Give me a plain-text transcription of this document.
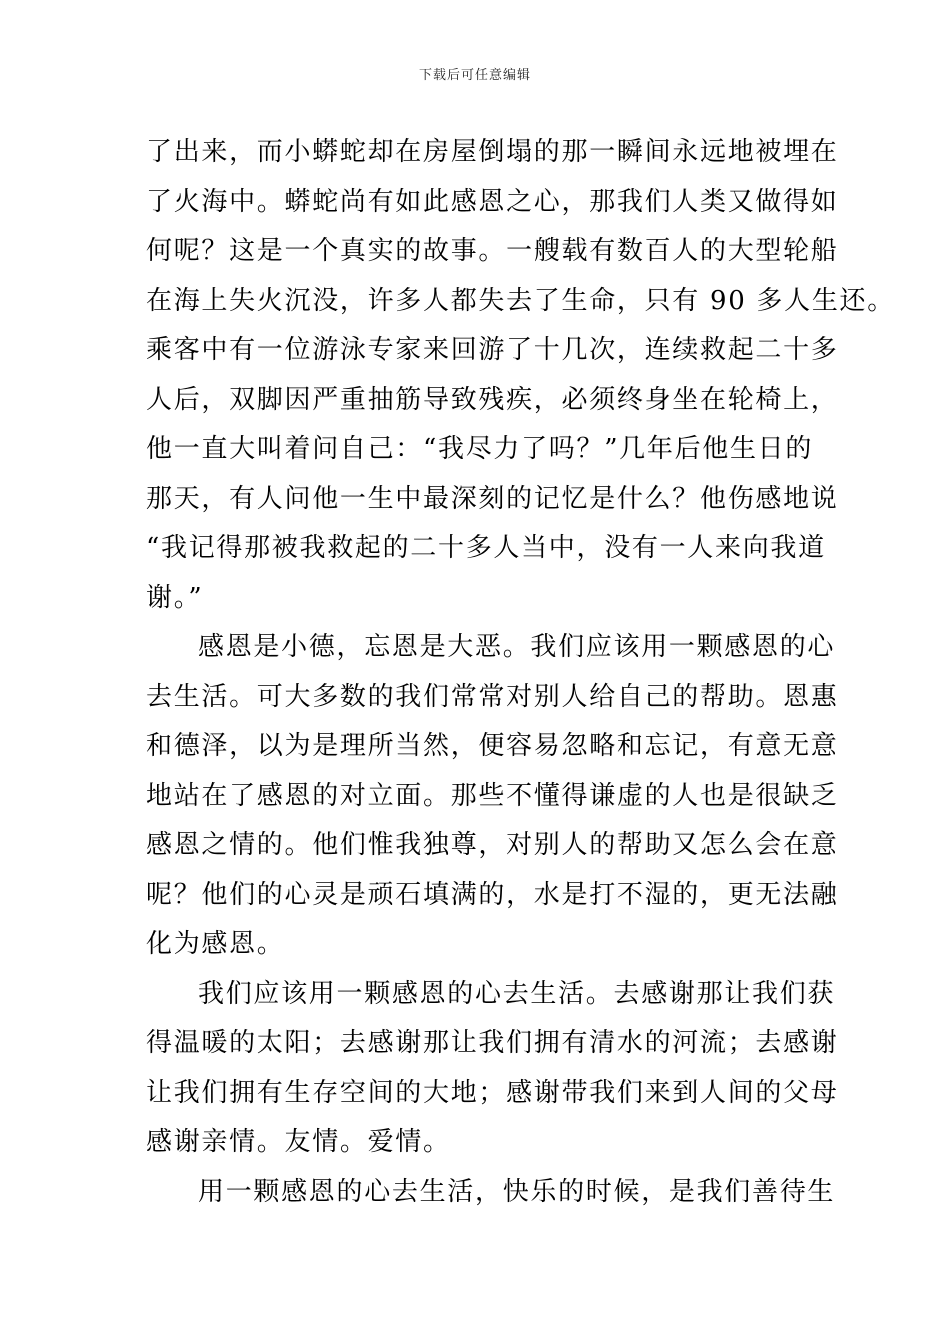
下载后可任意编辑
了出来，而小蟒蛇却在房屋倒塌的那一瞬间永远地被埋在
了火海中。蟒蛇尚有如此感恩之心，那我们人类又做得如
何呢？这是一个真实的故事。一艘载有数百人的大型轮船
在海上失火沉没，许多人都失去了生命，只有 90 多人生还。
乘客中有一位游泳专家来回游了十几次，连续救起二十多
人后，双脚因严重抽筋导致残疾，必须终身坐在轮椅上，
他一直大叫着问自己：“我尽力了吗？”几年后他生日的
那天，有人问他一生中最深刻的记忆是什么？他伤感地说
“我记得那被我救起的二十多人当中，没有一人来向我道
谢。”
感恩是小德，忘恩是大恶。我们应该用一颗感恩的心
去生活。可大多数的我们常常对别人给自己的帮助。恩惠
和德泽，以为是理所当然，便容易忽略和忘记，有意无意
地站在了感恩的对立面。那些不懂得谦虚的人也是很缺乏
感恩之情的。他们惟我独尊，对别人的帮助又怎么会在意
呢？他们的心灵是顽石填满的，水是打不湿的，更无法融
化为感恩。
我们应该用一颗感恩的心去生活。去感谢那让我们获
得温暖的太阳；去感谢那让我们拥有清水的河流；去感谢
让我们拥有生存空间的大地；感谢带我们来到人间的父母
感谢亲情。友情。爱情。
用一颗感恩的心去生活，快乐的时候，是我们善待生
